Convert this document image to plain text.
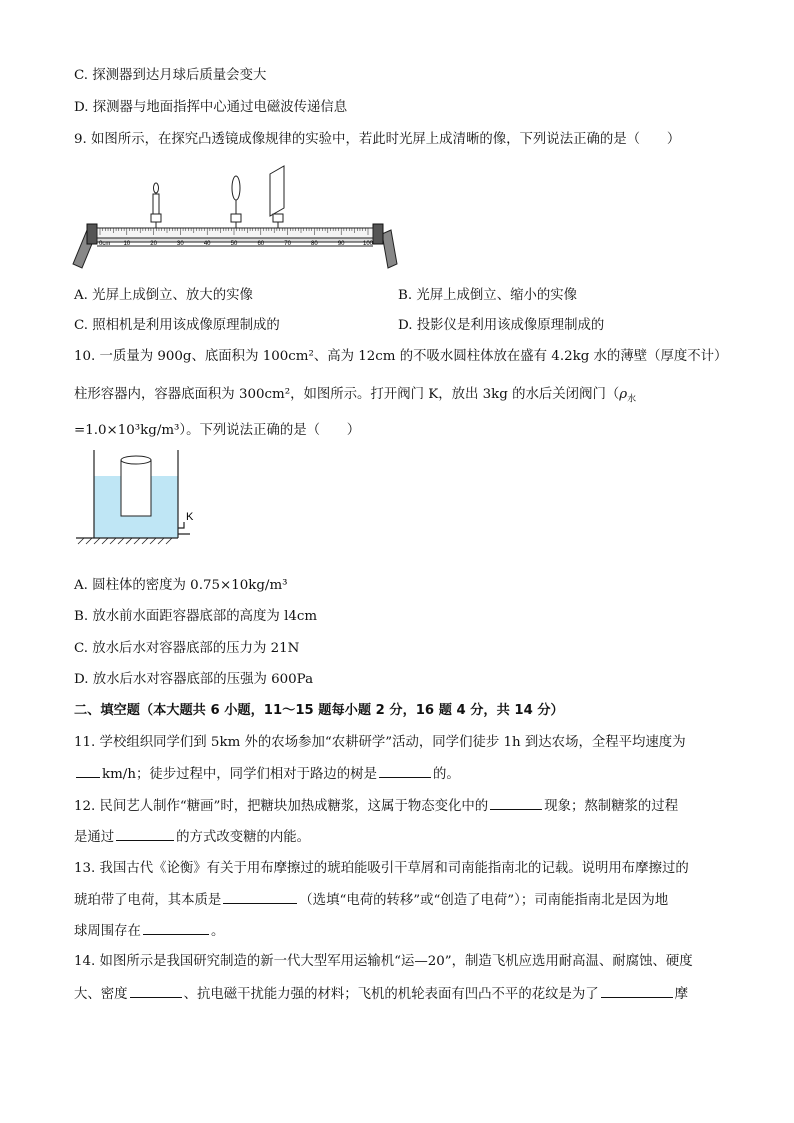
C. 探测器到达月球后质量会变大
D. 探测器与地面指挥中心通过电磁波传递信息
9. 如图所示，在探究凸透镜成像规律的实验中，若此时光屏上成清晰的像，下列说法正确的是（　　）
0cm 10	20	30	40	50	60	70	80	90	100
A. 光屏上成倒立、放大的实像	B. 光屏上成倒立、缩小的实像
C. 照相机是利用该成像原理制成的	D. 投影仪是利用该成像原理制成的
10. 一质量为 900g、底面积为 100cm²、高为 12cm 的不吸水圆柱体放在盛有 4.2kg 水的薄壁（厚度不计）
柱形容器内，容器底面积为 300cm²，如图所示。打开阀门 K，放出 3kg 的水后关闭阀门（$\rho_水$
=1.0×10³kg/m³）。下列说法正确的是（　　）
K
A. 圆柱体的密度为 0.75×10kg/m³
B. 放水前水面距容器底部的高度为 l4cm
C. 放水后水对容器底部的压力为 21N
D. 放水后水对容器底部的压强为 600Pa
二、填空题（本大题共 6 小题，11～15 题每小题 2 分，16 题 4 分，共 14 分）
11. 学校组织同学们到 5km 外的农场参加“农耕研学”活动，同学们徒步 1h 到达农场，全程平均速度为
km/h；徒步过程中，同学们相对于路边的树是	的。
12. 民间艺人制作“糖画”时，把糖块加热成糖浆，这属于物态变化中的	现象；熬制糖浆的过程
是通过	的方式改变糖的内能。
13. 我国古代《论衡》有关于用布摩擦过的琥珀能吸引干草屑和司南能指南北的记载。说明用布摩擦过的
琥珀带了电荷，其本质是	（选填“电荷的转移”或“创造了电荷”）；司南能指南北是因为地
球周围存在	。
14. 如图所示是我国研究制造的新一代大型军用运输机“运—20”，制造飞机应选用耐高温、耐腐蚀、硬度
大、密度	、抗电磁干扰能力强的材料；飞机的机轮表面有凹凸不平的花纹是为了	摩
